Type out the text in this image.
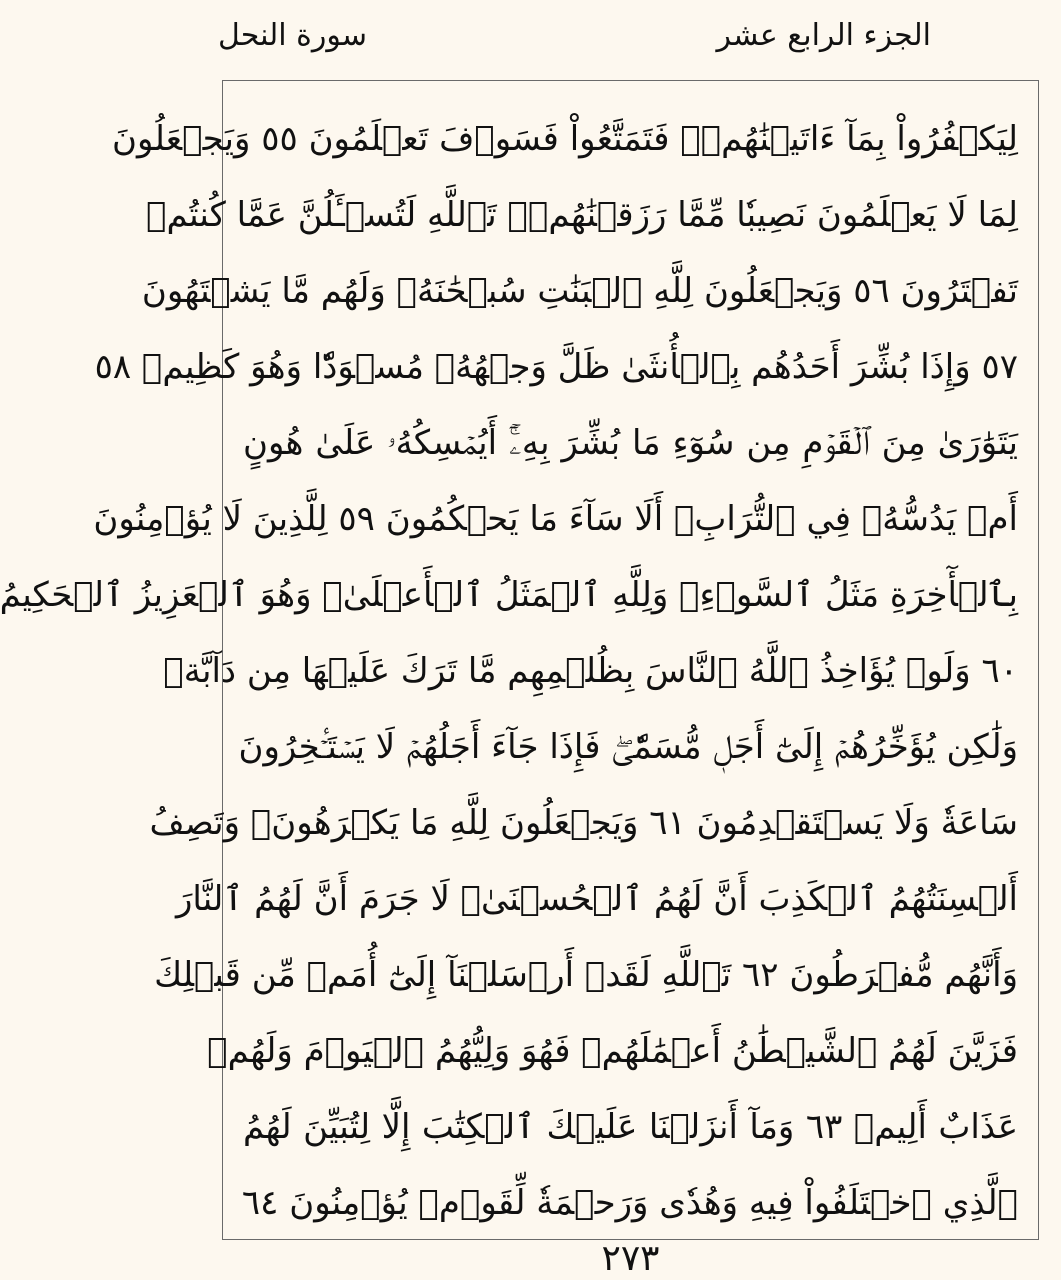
الجزء الرابع عشر
سورة النحل
لِيَكۡفُرُواْ بِمَآ ءَاتَيۡنَٰهُمۡۚ فَتَمَتَّعُواْ فَسَوۡفَ تَعۡلَمُونَ ٥٥ وَيَجۡعَلُونَ
لِمَا لَا يَعۡلَمُونَ نَصِيبٗا مِّمَّا رَزَقۡنَٰهُمۡۗ تَٱللَّهِ لَتُسۡـَٔلُنَّ عَمَّا كُنتُمۡ
تَفۡتَرُونَ ٥٦ وَيَجۡعَلُونَ لِلَّهِ ٱلۡبَنَٰتِ سُبۡحَٰنَهُۥ وَلَهُم مَّا يَشۡتَهُونَ
٥٧ وَإِذَا بُشِّرَ أَحَدُهُم بِٱلۡأُنثَىٰ ظَلَّ وَجۡهُهُۥ مُسۡوَدّٗا وَهُوَ كَظِيمٞ ٥٨
يَتَوَٰرَىٰ مِنَ ٱلۡقَوۡمِ مِن سُوٓءِ مَا بُشِّرَ بِهِۦٓۚ أَيُمۡسِكُهُۥ عَلَىٰ هُونٍ
أَمۡ يَدُسُّهُۥ فِي ٱلتُّرَابِۗ أَلَا سَآءَ مَا يَحۡكُمُونَ ٥٩ لِلَّذِينَ لَا يُؤۡمِنُونَ
بِٱلۡأٓخِرَةِ مَثَلُ ٱلسَّوۡءِۖ وَلِلَّهِ ٱلۡمَثَلُ ٱلۡأَعۡلَىٰۚ وَهُوَ ٱلۡعَزِيزُ ٱلۡحَكِيمُ
٦٠ وَلَوۡ يُؤَاخِذُ ٱللَّهُ ٱلنَّاسَ بِظُلۡمِهِم مَّا تَرَكَ عَلَيۡهَا مِن دَآبَّةٖ
وَلَٰكِن يُؤَخِّرُهُمۡ إِلَىٰٓ أَجَلٖ مُّسَمّٗىۖ فَإِذَا جَآءَ أَجَلُهُمۡ لَا يَسۡتَـٔۡخِرُونَ
سَاعَةٗ وَلَا يَسۡتَقۡدِمُونَ ٦١ وَيَجۡعَلُونَ لِلَّهِ مَا يَكۡرَهُونَۚ وَتَصِفُ
أَلۡسِنَتُهُمُ ٱلۡكَذِبَ أَنَّ لَهُمُ ٱلۡحُسۡنَىٰۚ لَا جَرَمَ أَنَّ لَهُمُ ٱلنَّارَ
وَأَنَّهُم مُّفۡرَطُونَ ٦٢ تَٱللَّهِ لَقَدۡ أَرۡسَلۡنَآ إِلَىٰٓ أُمَمٖ مِّن قَبۡلِكَ
فَزَيَّنَ لَهُمُ ٱلشَّيۡطَٰنُ أَعۡمَٰلَهُمۡ فَهُوَ وَلِيُّهُمُ ٱلۡيَوۡمَ وَلَهُمۡ
عَذَابٌ أَلِيمٞ ٦٣ وَمَآ أَنزَلۡنَا عَلَيۡكَ ٱلۡكِتَٰبَ إِلَّا لِتُبَيِّنَ لَهُمُ
ٱلَّذِي ٱخۡتَلَفُواْ فِيهِ وَهُدٗى وَرَحۡمَةٗ لِّقَوۡمٖ يُؤۡمِنُونَ ٦٤
٢٧٣
